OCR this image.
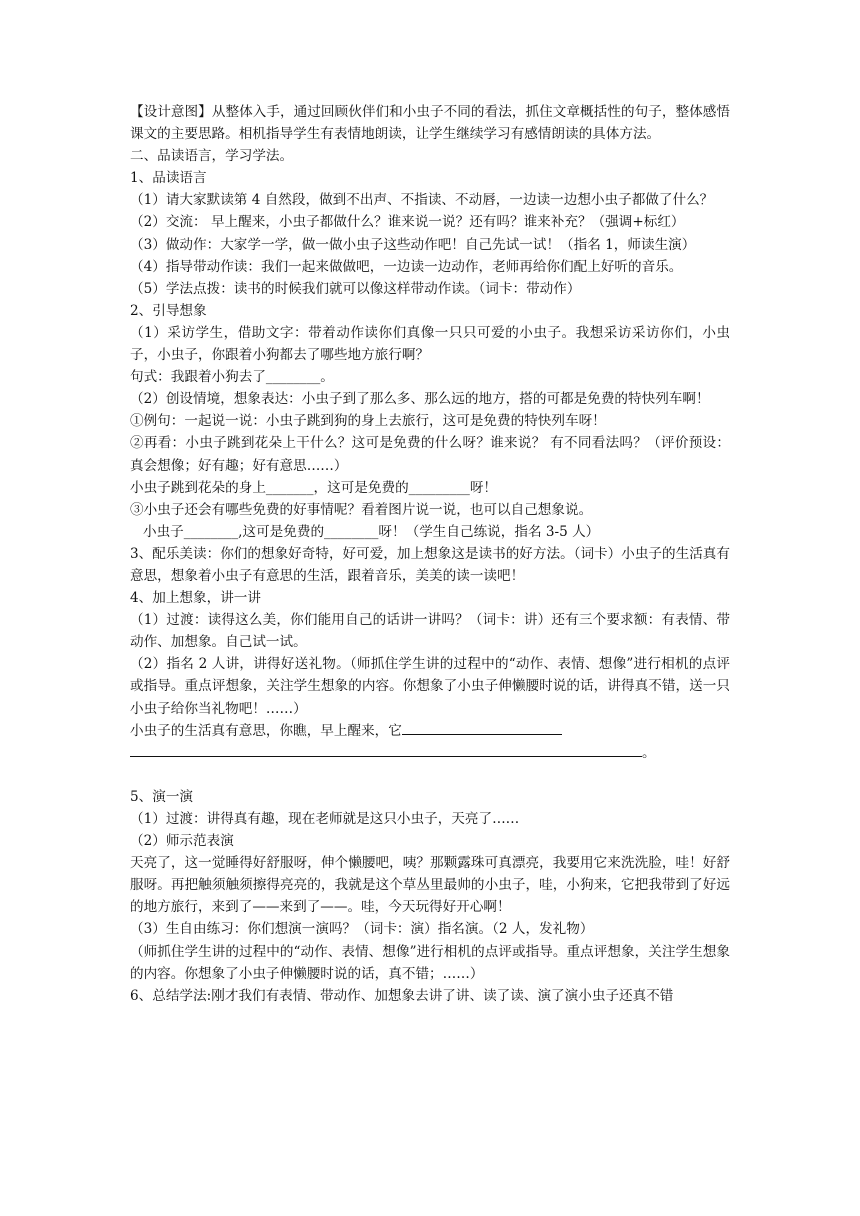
【设计意图】从整体入手，通过回顾伙伴们和小虫子不同的看法，抓住文章概括性的句子，整体感悟课文的主要思路。相机指导学生有表情地朗读，让学生继续学习有感情朗读的具体方法。

二、品读语言，学习学法。

1、品读语言

（1）请大家默读第 4 自然段，做到不出声、不指读、不动唇，一边读一边想小虫子都做了什么？

（2）交流： 早上醒来，小虫子都做什么？谁来说一说？还有吗？谁来补充？（强调+标红）

（3）做动作：大家学一学，做一做小虫子这些动作吧！自己先试一试！（指名 1，师读生演）

（4）指导带动作读：我们一起来做做吧，一边读一边动作，老师再给你们配上好听的音乐。

（5）学法点拨：读书的时候我们就可以像这样带动作读。（词卡：带动作）

2、引导想象

（1）采访学生，借助文字：带着动作读你们真像一只只可爱的小虫子。我想采访采访你们，小虫子，小虫子，你跟着小狗都去了哪些地方旅行啊？

句式：我跟着小狗去了________。

（2）创设情境，想象表达：小虫子到了那么多、那么远的地方，搭的可都是免费的特快列车啊！

①例句：一起说一说：小虫子跳到狗的身上去旅行，这可是免费的特快列车呀！

②再看：小虫子跳到花朵上干什么？这可是免费的什么呀？谁来说？ 有不同看法吗？（评价预设：真会想像；好有趣；好有意思……）

小虫子跳到花朵的身上_______，这可是免费的_________呀！

③小虫子还会有哪些免费的好事情呢？看着图片说一说，也可以自己想象说。

小虫子________,这可是免费的________呀！（学生自己练说，指名 3-5 人）

3、配乐美读：你们的想象好奇特，好可爱，加上想象这是读书的好方法。（词卡）小虫子的生活真有意思，想象着小虫子有意思的生活，跟着音乐，美美的读一读吧！

4、加上想象，讲一讲

（1）过渡：读得这么美，你们能用自己的话讲一讲吗？（词卡：讲）还有三个要求额：有表情、带动作、加想象。自己试一试。

（2）指名 2 人讲，讲得好送礼物。（师抓住学生讲的过程中的“动作、表情、想像”进行相机的点评或指导。重点评想象，关注学生想象的内容。你想象了小虫子伸懒腰时说的话，讲得真不错，送一只小虫子给你当礼物吧！……）

小虫子的生活真有意思，你瞧，早上醒来，它

。

5、演一演

（1）过渡：讲得真有趣，现在老师就是这只小虫子，天亮了……

（2）师示范表演

天亮了，这一觉睡得好舒服呀，伸个懒腰吧，咦？那颗露珠可真漂亮，我要用它来洗洗脸，哇！好舒服呀。再把触须触须擦得亮亮的，我就是这个草丛里最帅的小虫子，哇，小狗来，它把我带到了好远的地方旅行，来到了——来到了——。哇，今天玩得好开心啊！

（3）生自由练习：你们想演一演吗？（词卡：演）指名演。（2 人，发礼物）

（师抓住学生讲的过程中的“动作、表情、想像”进行相机的点评或指导。重点评想象，关注学生想象的内容。你想象了小虫子伸懒腰时说的话，真不错；……）

6、总结学法:刚才我们有表情、带动作、加想象去讲了讲、读了读、演了演小虫子还真不错
